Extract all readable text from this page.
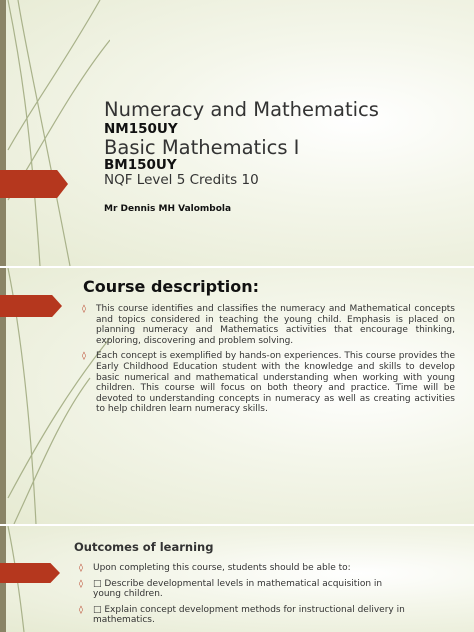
Numeracy and Mathematics
NM150UY
Basic Mathematics I
BM150UY
NQF Level 5 Credits 10
Mr Dennis MH Valombola
Course description:
◊ This course identifies and classifies the numeracy and Mathematical concepts and topics considered in teaching the young child. Emphasis is placed on planning numeracy and Mathematics activities that encourage thinking, exploring, discovering and problem solving.
◊ Each concept is exemplified by hands-on experiences. This course provides the Early Childhood Education student with the knowledge and skills to develop basic numerical and mathematical understanding when working with young children. This course will focus on both theory and practice. Time will be devoted to understanding concepts in numeracy as well as creating activities to help children learn numeracy skills.
Outcomes of learning
◊ Upon completing this course, students should be able to:
◊ □ Describe developmental levels in mathematical acquisition in young children.
◊ □ Explain concept development methods for instructional delivery in mathematics.
